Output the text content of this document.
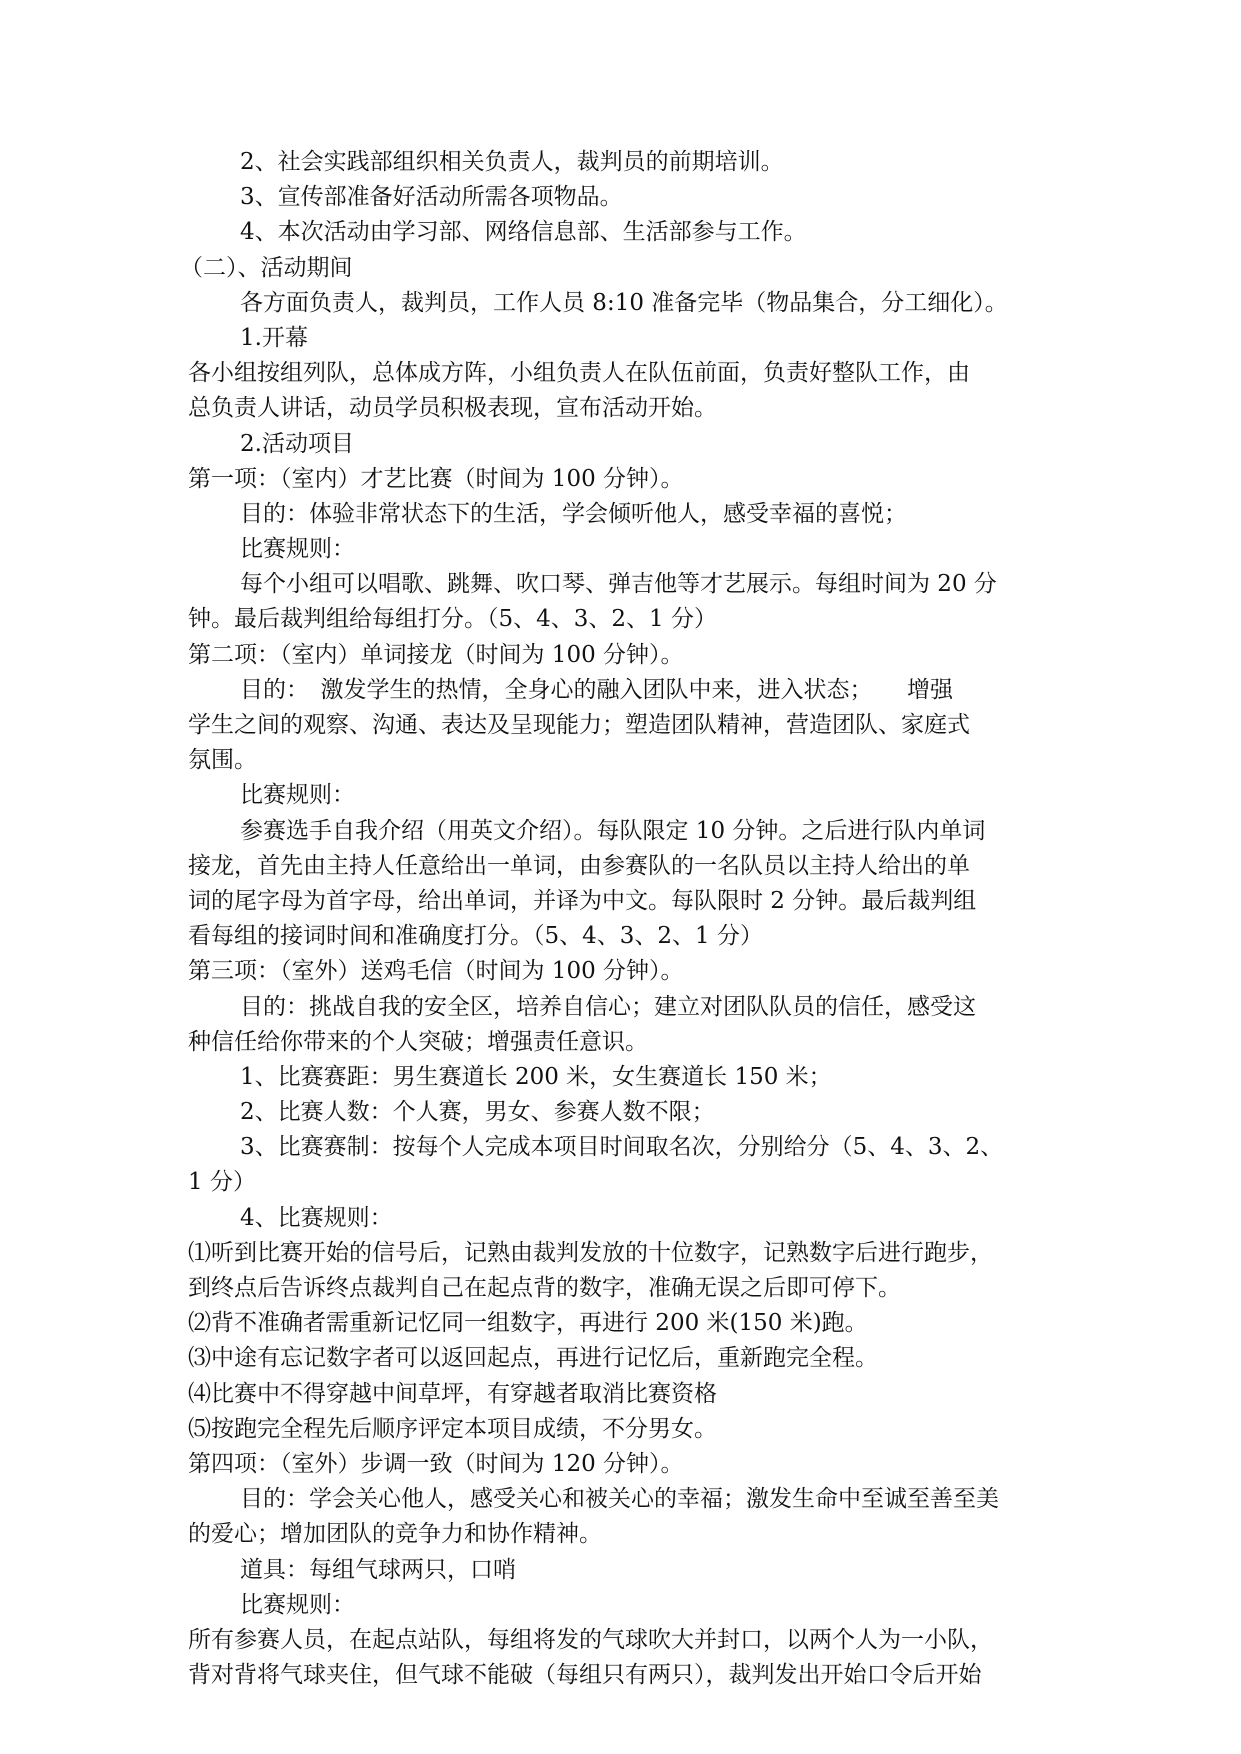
2、社会实践部组织相关负责人，裁判员的前期培训。
3、宣传部准备好活动所需各项物品。
4、本次活动由学习部、网络信息部、生活部参与工作。
（二）、活动期间
各方面负责人，裁判员，工作人员 8:10 准备完毕（物品集合，分工细化）。
1.开幕
各小组按组列队，总体成方阵，小组负责人在队伍前面，负责好整队工作，由
总负责人讲话，动员学员积极表现，宣布活动开始。
2.活动项目
第一项：（室内）才艺比赛（时间为 100 分钟）。
目的：体验非常状态下的生活，学会倾听他人，感受幸福的喜悦；
比赛规则：
每个小组可以唱歌、跳舞、吹口琴、弹吉他等才艺展示。每组时间为 20 分
钟。最后裁判组给每组打分。（5、4、3、2、1 分）
第二项：（室内）单词接龙（时间为 100 分钟）。
目的：　激发学生的热情，全身心的融入团队中来，进入状态；　　增强
学生之间的观察、沟通、表达及呈现能力；塑造团队精神，营造团队、家庭式
氛围。
比赛规则：
参赛选手自我介绍（用英文介绍）。每队限定 10 分钟。之后进行队内单词
接龙，首先由主持人任意给出一单词，由参赛队的一名队员以主持人给出的单
词的尾字母为首字母，给出单词，并译为中文。每队限时 2 分钟。最后裁判组
看每组的接词时间和准确度打分。（5、4、3、2、1 分）
第三项：（室外）送鸡毛信（时间为 100 分钟）。
目的：挑战自我的安全区，培养自信心；建立对团队队员的信任，感受这
种信任给你带来的个人突破；增强责任意识。
1、比赛赛距：男生赛道长 200 米，女生赛道长 150 米；
2、比赛人数：个人赛，男女、参赛人数不限；
3、比赛赛制：按每个人完成本项目时间取名次，分别给分（5、4、3、2、
1 分）
4、比赛规则：
⑴听到比赛开始的信号后，记熟由裁判发放的十位数字，记熟数字后进行跑步，
到终点后告诉终点裁判自己在起点背的数字，准确无误之后即可停下。
⑵背不准确者需重新记忆同一组数字，再进行 200 米(150 米)跑。
⑶中途有忘记数字者可以返回起点，再进行记忆后，重新跑完全程。
⑷比赛中不得穿越中间草坪，有穿越者取消比赛资格
⑸按跑完全程先后顺序评定本项目成绩，不分男女。
第四项：（室外）步调一致（时间为 120 分钟）。
目的：学会关心他人，感受关心和被关心的幸福；激发生命中至诚至善至美
的爱心；增加团队的竞争力和协作精神。
道具：每组气球两只，口哨
比赛规则：
所有参赛人员，在起点站队，每组将发的气球吹大并封口，以两个人为一小队，
背对背将气球夹住，但气球不能破（每组只有两只），裁判发出开始口令后开始
